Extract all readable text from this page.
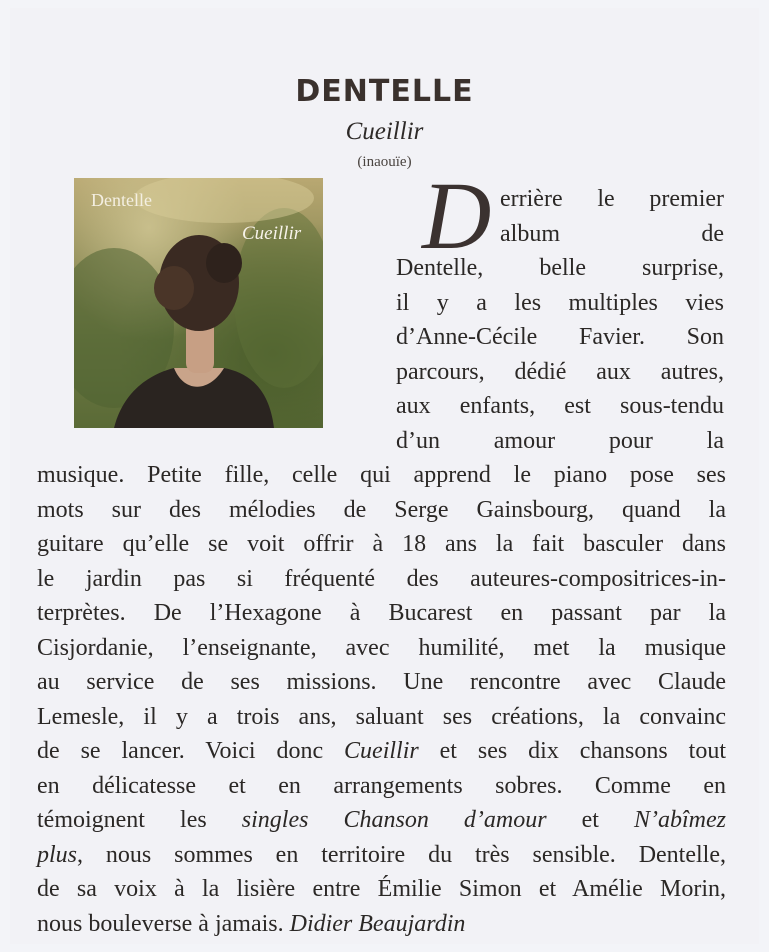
DENTELLE
Cueillir
(inaouïe)
Dentelle
Cueillir D errière le premier
album de
Dentelle, belle surprise,
il y a les multiples vies
d’Anne-Cécile Favier. Son
parcours, dédié aux autres,
aux enfants, est sous-tendu
d’un amour pour la
musique. Petite fille, celle qui apprend le piano pose ses
mots sur des mélodies de Serge Gainsbourg, quand la
guitare qu’elle se voit offrir à 18 ans la fait basculer dans
le jardin pas si fréquenté des auteures-compositrices-in-
terprètes. De l’Hexagone à Bucarest en passant par la
Cisjordanie, l’enseignante, avec humilité, met la musique
au service de ses missions. Une rencontre avec Claude
Lemesle, il y a trois ans, saluant ses créations, la convainc
de se lancer. Voici donc Cueillir et ses dix chansons tout
en délicatesse et en arrangements sobres. Comme en
témoignent les singles Chanson d’amour et N’abîmez
plus, nous sommes en territoire du très sensible. Dentelle,
de sa voix à la lisière entre Émilie Simon et Amélie Morin,
nous bouleverse à jamais. Didier Beaujardin
